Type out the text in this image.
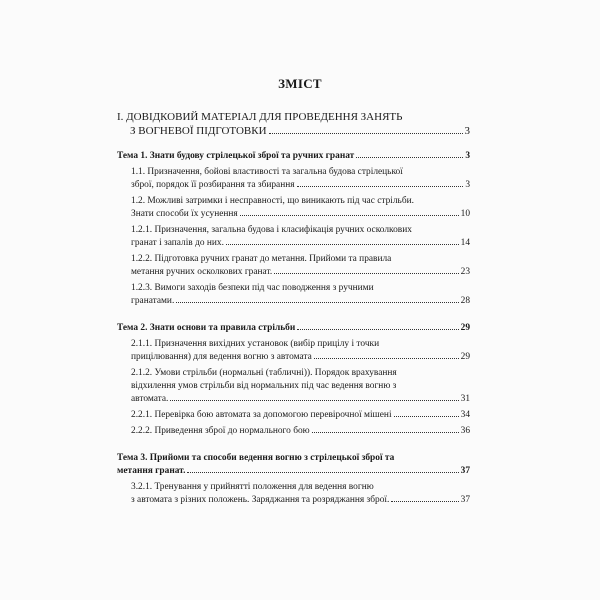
ЗМІСТ
І. ДОВІДКОВИЙ МАТЕРІАЛ ДЛЯ ПРОВЕДЕННЯ ЗАНЯТЬ
З ВОГНЕВОЇ ПІДГОТОВКИ	3
Тема 1. Знати будову стрілецької зброї та ручних гранат	3
1.1. Призначення, бойові властивості та загальна будова стрілецької
зброї, порядок її розбирання та збирання	3
1.2. Можливі затримки і несправності, що виникають під час стрільби.
Знати способи їх усунення	10
1.2.1. Призначення, загальна будова і класифікація ручних осколкових
гранат і запалів до них.	14
1.2.2. Підготовка ручних гранат до метання. Прийоми та правила
метання ручних осколкових гранат.	23
1.2.3. Вимоги заходів безпеки під час поводження з ручними
гранатами.	28
Тема 2. Знати основи та правила стрільби	29
2.1.1. Призначення вихідних установок (вибір прицілу і точки
прицілювання) для ведення вогню з автомата	29
2.1.2. Умови стрільби (нормальні (табличні)). Порядок врахування
відхилення умов стрільби від нормальних під час ведення вогню з
автомата.	31
2.2.1. Перевірка бою автомата за допомогою перевірочної мішені	34
2.2.2. Приведення зброї до нормального бою	36
Тема 3. Прийоми та способи ведення вогню з стрілецької зброї та
метання гранат.	37
3.2.1. Тренування у прийнятті положення для ведення вогню
з автомата з різних положень. Заряджання та розряджання зброї.	37
